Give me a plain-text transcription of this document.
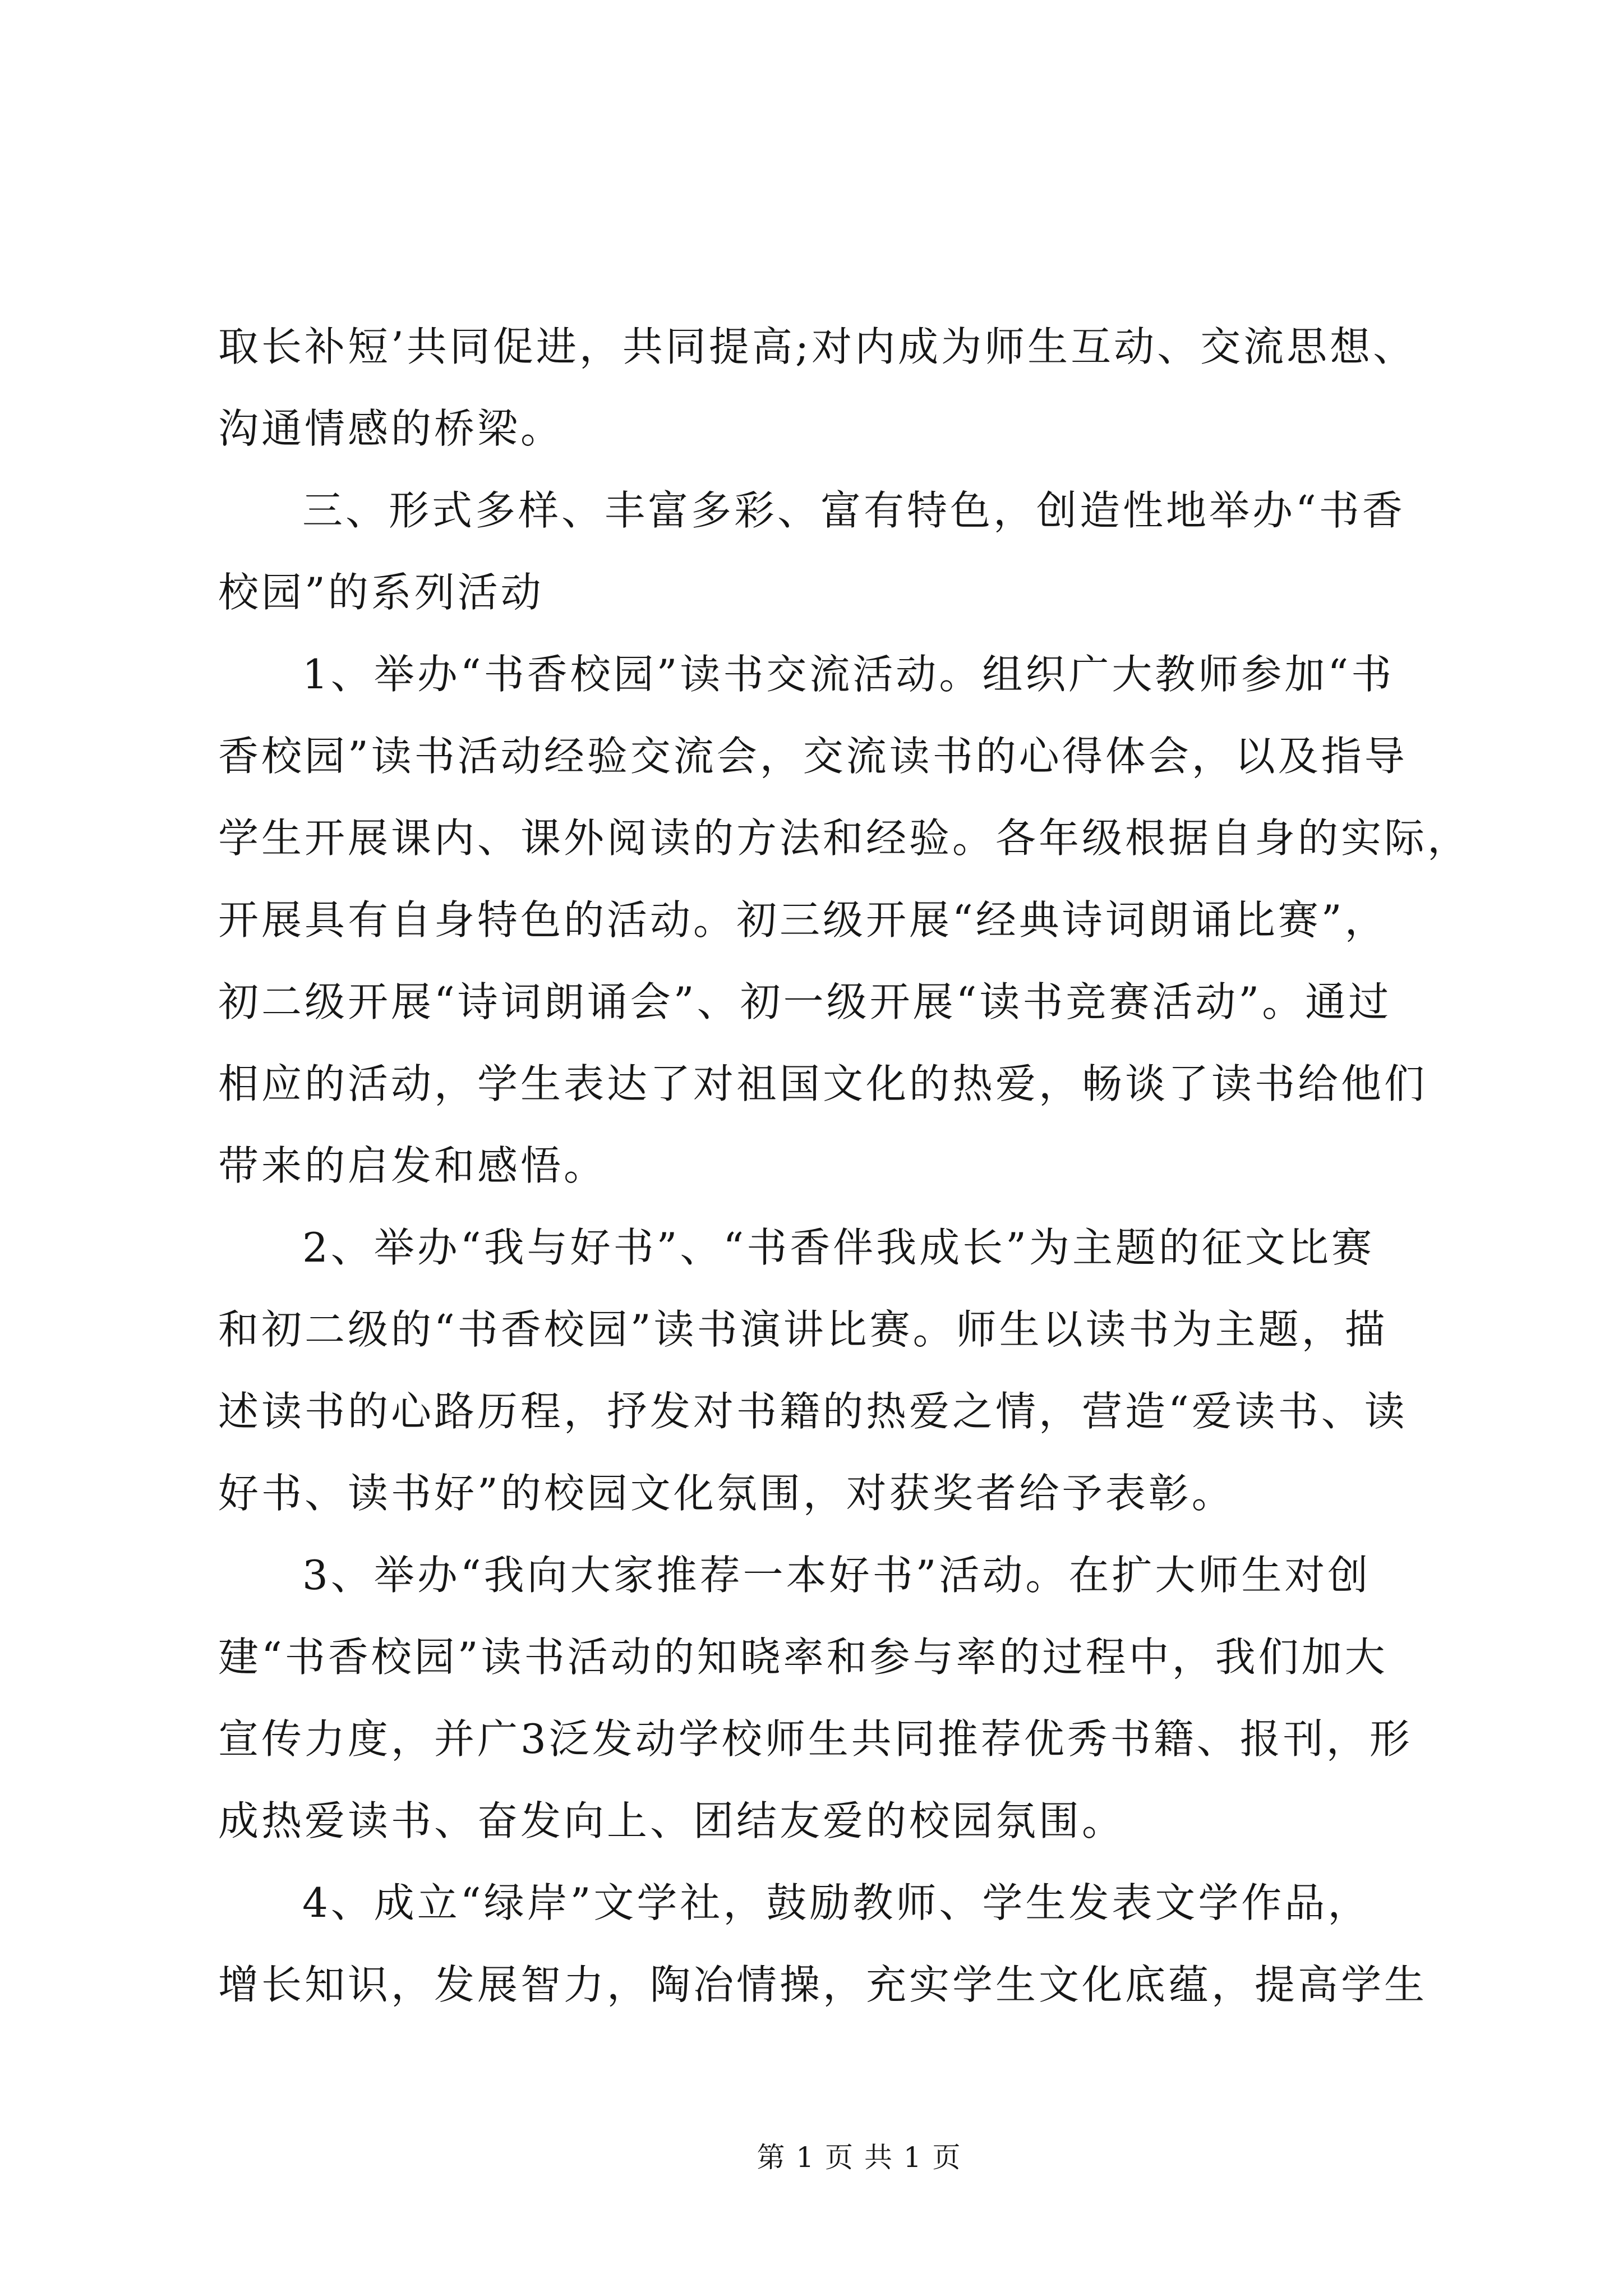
取长补短’共同促进，共同提高;对内成为师生互动、交流思想、
沟通情感的桥梁。
三、形式多样、丰富多彩、富有特色，创造性地举办“书香
校园”的系列活动
1、举办“书香校园”读书交流活动。组织广大教师参加“书
香校园”读书活动经验交流会，交流读书的心得体会，以及指导
学生开展课内、课外阅读的方法和经验。各年级根据自身的实际，
开展具有自身特色的活动。初三级开展“经典诗词朗诵比赛”，
初二级开展“诗词朗诵会”、初一级开展“读书竞赛活动”。通过
相应的活动，学生表达了对祖国文化的热爱，畅谈了读书给他们
带来的启发和感悟。
2、举办“我与好书”、“书香伴我成长”为主题的征文比赛
和初二级的“书香校园”读书演讲比赛。师生以读书为主题，描
述读书的心路历程，抒发对书籍的热爱之情，营造“爱读书、读
好书、读书好”的校园文化氛围，对获奖者给予表彰。
3、举办“我向大家推荐一本好书”活动。在扩大师生对创
建“书香校园”读书活动的知晓率和参与率的过程中，我们加大
宣传力度，并广3泛发动学校师生共同推荐优秀书籍、报刊，形
成热爱读书、奋发向上、团结友爱的校园氛围。
4、成立“绿岸”文学社，鼓励教师、学生发表文学作品，
增长知识，发展智力，陶冶情操，充实学生文化底蕴，提高学生
第 1 页 共 1 页
